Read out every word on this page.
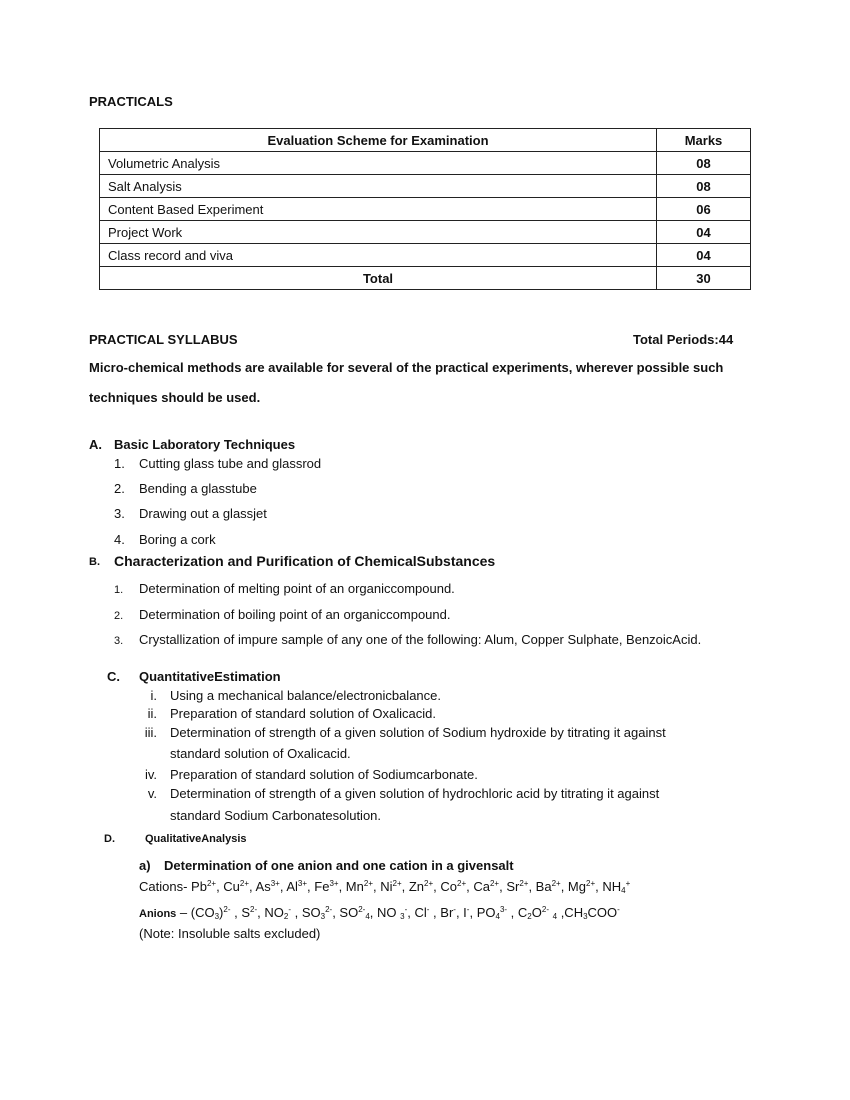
PRACTICALS
Evaluation Scheme for Examination	Marks
Volumetric Analysis	08
Salt Analysis	08
Content Based Experiment	06
Project Work	04
Class record and viva	04
Total	30
PRACTICAL SYLLABUS	Total Periods:44
Micro-chemical methods are available for several of the practical experiments, wherever possible such
techniques should be used.
A. Basic Laboratory Techniques
1. Cutting glass tube and glassrod
2. Bending a glasstube
3. Drawing out a glassjet
4. Boring a cork
B. Characterization and Purification of ChemicalSubstances
1. Determination of melting point of an organiccompound.
2. Determination of boiling point of an organiccompound.
3. Crystallization of impure sample of any one of the following: Alum, Copper Sulphate, BenzoicAcid.
C. QuantitativeEstimation
i. Using a mechanical balance/electronicbalance.
ii. Preparation of standard solution of Oxalicacid.
iii. Determination of strength of a given solution of Sodium hydroxide by titrating it against
standard solution of Oxalicacid.
iv. Preparation of standard solution of Sodiumcarbonate.
v. Determination of strength of a given solution of hydrochloric acid by titrating it against
standard Sodium Carbonatesolution.
D.	QualitativeAnalysis
a) Determination of one anion and one cation in a givensalt
Cations- $Pb^{2+}$, $Cu^{2+}$, $As^{3+}$, $Al^{3+}$, $Fe^{3+}$, $Mn^{2+}$, $Ni^{2+}$, $Zn^{2+}$, $Co^{2+}$, $Ca^{2+}$, $Sr^{2+}$, $Ba^{2+}$, $Mg^{2+}$, $NH_4^+$
Anions – $(CO_3)^{2-}$ , $S^{2-}$, $NO_2^-$ , $SO_3^{2-}$, $SO^{2-}_4$, NO $_3$-, Cl- , Br-, I-, $PO_4^{3-}$ , $C_2O^{2-}$ $_4$ $,CH_3COO^-$
(Note: Insoluble salts excluded)
